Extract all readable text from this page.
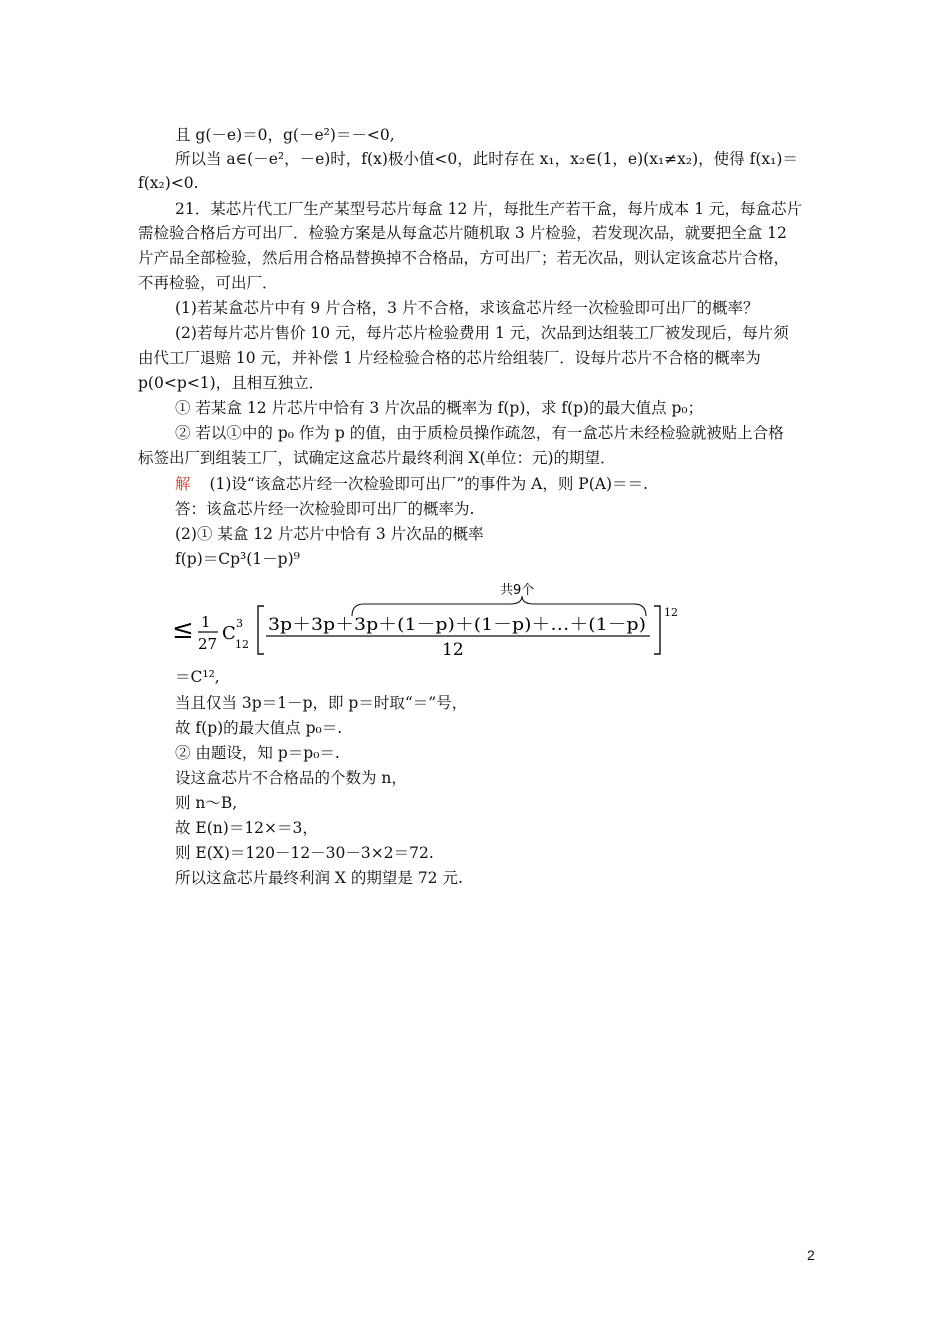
且 g(－e)＝0，g(－e²)＝－<0,
所以当 a∈(－e²，－e)时，f(x)极小值<0，此时存在 x₁，x₂∈(1，e)(x₁≠x₂)，使得 f(x₁)＝
f(x₂)<0.
21．某芯片代工厂生产某型号芯片每盒 12 片，每批生产若干盒，每片成本 1 元，每盒芯片
需检验合格后方可出厂．检验方案是从每盒芯片随机取 3 片检验，若发现次品，就要把全盒 12
片产品全部检验，然后用合格品替换掉不合格品，方可出厂；若无次品，则认定该盒芯片合格，
不再检验，可出厂．
(1)若某盒芯片中有 9 片合格，3 片不合格，求该盒芯片经一次检验即可出厂的概率？
(2)若每片芯片售价 10 元，每片芯片检验费用 1 元，次品到达组装工厂被发现后，每片须
由代工厂退赔 10 元，并补偿 1 片经检验合格的芯片给组装厂．设每片芯片不合格的概率为
p(0<p<1)，且相互独立．
① 若某盒 12 片芯片中恰有 3 片次品的概率为 f(p)，求 f(p)的最大值点 p₀；
② 若以①中的 p₀ 作为 p 的值，由于质检员操作疏忽，有一盒芯片未经检验就被贴上合格
标签出厂到组装工厂，试确定这盒芯片最终利润 X(单位：元)的期望．
解 (1)设“该盒芯片经一次检验即可出厂”的事件为 A，则 P(A)＝＝.
答：该盒芯片经一次检验即可出厂的概率为.
(2)① 某盒 12 片芯片中恰有 3 片次品的概率
f(p)＝Cp³(1－p)⁹
≤ 1
27 C 3
12
共9个
3p＋3p＋3p＋(1－p)＋(1－p)＋…＋(1－p)
12
12
＝C¹²,
当且仅当 3p＝1－p，即 p＝时取“＝”号，
故 f(p)的最大值点 p₀＝.
② 由题设，知 p＝p₀＝.
设这盒芯片不合格品的个数为 n，
则 n～B,
故 E(n)＝12×＝3，
则 E(X)＝120－12－30－3×2＝72.
所以这盒芯片最终利润 X 的期望是 72 元.
2
